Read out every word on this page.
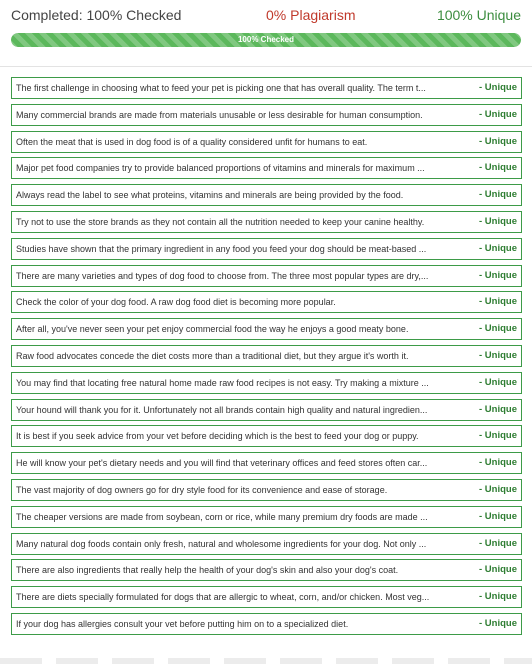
Completed: 100% Checked	0% Plagiarism	100% Unique
100% Checked
The first challenge in choosing what to feed your pet is picking one that has overall quality. The term t...	- Unique
Many commercial brands are made from materials unusable or less desirable for human consumption.	- Unique
Often the meat that is used in dog food is of a quality considered unfit for humans to eat.	- Unique
Major pet food companies try to provide balanced proportions of vitamins and minerals for maximum ...	- Unique
Always read the label to see what proteins, vitamins and minerals are being provided by the food.	- Unique
Try not to use the store brands as they not contain all the nutrition needed to keep your canine healthy.	- Unique
Studies have shown that the primary ingredient in any food you feed your dog should be meat-based ...	- Unique
There are many varieties and types of dog food to choose from. The three most popular types are dry,...	- Unique
Check the color of your dog food. A raw dog food diet is becoming more popular.	- Unique
After all, you've never seen your pet enjoy commercial food the way he enjoys a good meaty bone.	- Unique
Raw food advocates concede the diet costs more than a traditional diet, but they argue it's worth it.	- Unique
You may find that locating free natural home made raw food recipes is not easy. Try making a mixture ...	- Unique
Your hound will thank you for it. Unfortunately not all brands contain high quality and natural ingredien...	- Unique
It is best if you seek advice from your vet before deciding which is the best to feed your dog or puppy.	- Unique
He will know your pet's dietary needs and you will find that veterinary offices and feed stores often car...	- Unique
The vast majority of dog owners go for dry style food for its convenience and ease of storage.	- Unique
The cheaper versions are made from soybean, corn or rice, while many premium dry foods are made ...	- Unique
Many natural dog foods contain only fresh, natural and wholesome ingredients for your dog. Not only ...	- Unique
There are also ingredients that really help the health of your dog's skin and also your dog's coat.	- Unique
There are diets specially formulated for dogs that are allergic to wheat, corn, and/or chicken. Most veg...	- Unique
If your dog has allergies consult your vet before putting him on to a specialized diet.	- Unique
